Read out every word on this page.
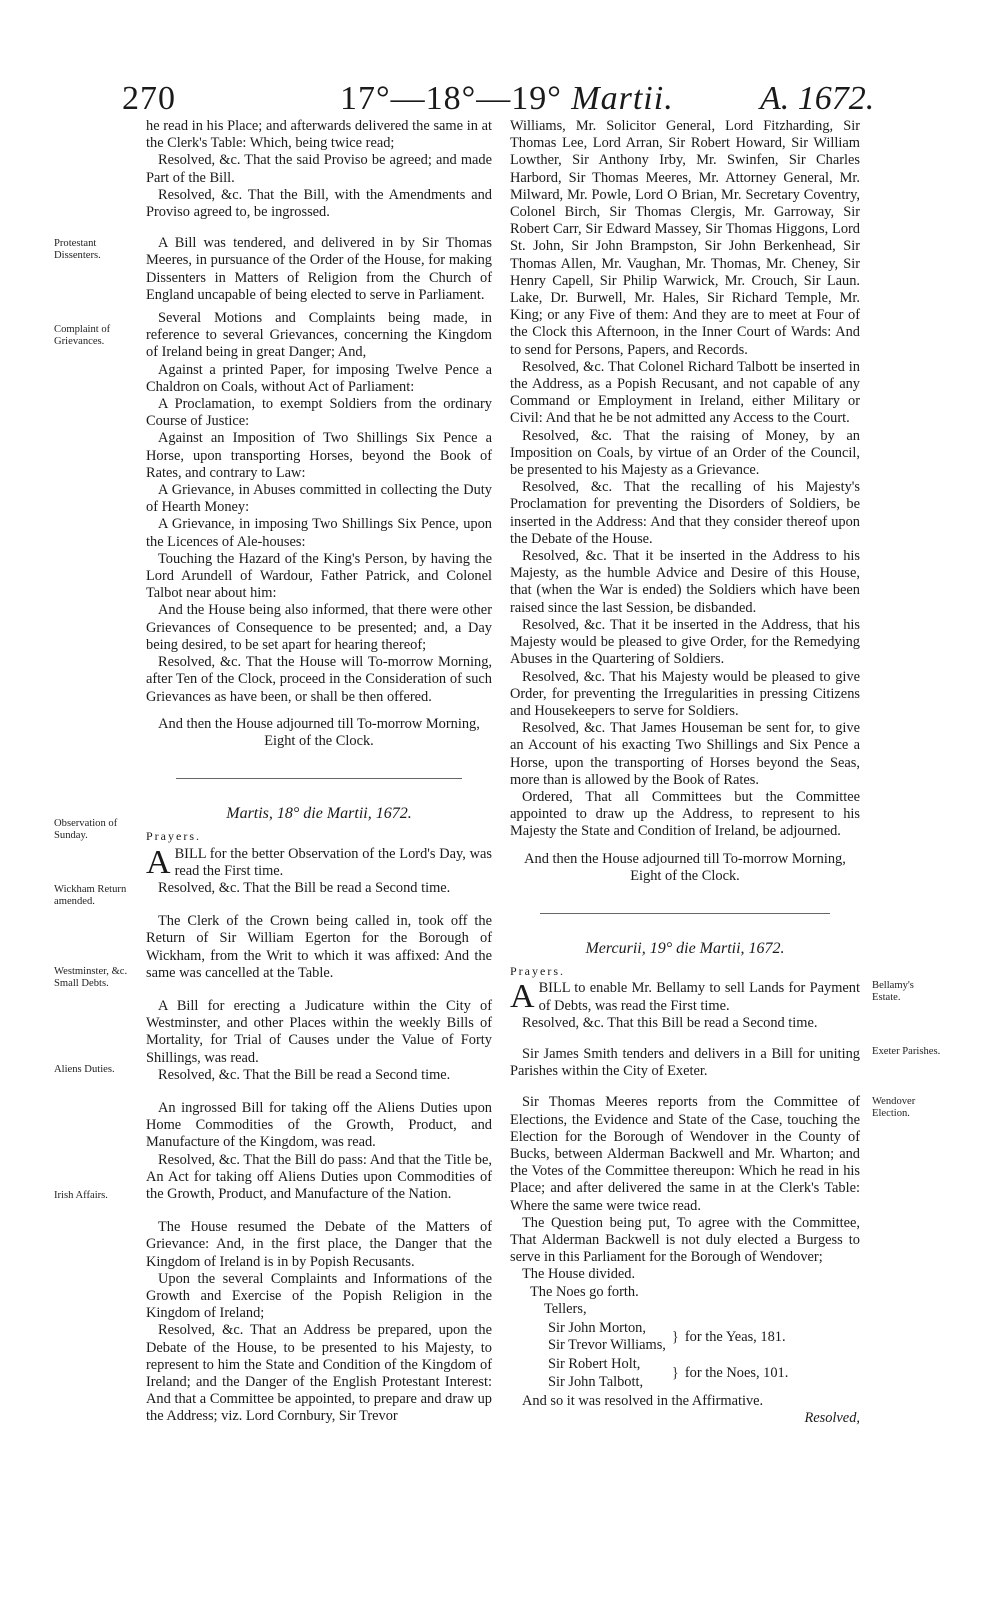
270	17°—18°—19° Martii.	A. 1672.
Protestant Dissenters.
Complaint of Grievances.
Observation of Sunday.
Wickham Return amended.
Westminster, &c. Small Debts.
Aliens Duties.
Irish Affairs.
Bellamy's Estate.
Exeter Parishes.
Wendover Election.

he read in his Place; and afterwards delivered the same in at the Clerk's Table: Which, being twice read;

Resolved, &c. That the said Proviso be agreed; and made Part of the Bill.

Resolved, &c. That the Bill, with the Amendments and Proviso agreed to, be ingrossed.

A Bill was tendered, and delivered in by Sir Thomas Meeres, in pursuance of the Order of the House, for making Dissenters in Matters of Religion from the Church of England uncapable of being elected to serve in Parliament.

Several Motions and Complaints being made, in reference to several Grievances, concerning the Kingdom of Ireland being in great Danger; And,

Against a printed Paper, for imposing Twelve Pence a Chaldron on Coals, without Act of Parliament:

A Proclamation, to exempt Soldiers from the ordinary Course of Justice:

Against an Imposition of Two Shillings Six Pence a Horse, upon transporting Horses, beyond the Book of Rates, and contrary to Law:

A Grievance, in Abuses committed in collecting the Duty of Hearth Money:

A Grievance, in imposing Two Shillings Six Pence, upon the Licences of Ale-houses:

Touching the Hazard of the King's Person, by having the Lord Arundell of Wardour, Father Patrick, and Colonel Talbot near about him:

And the House being also informed, that there were other Grievances of Consequence to be presented; and, a Day being desired, to be set apart for hearing thereof;

Resolved, &c. That the House will To-morrow Morning, after Ten of the Clock, proceed in the Consideration of such Grievances as have been, or shall be then offered.

And then the House adjourned till To-morrow Morning, Eight of the Clock.

Martis, 18° die Martii, 1672.

Prayers.

ABILL for the better Observation of the Lord's Day, was read the First time.

Resolved, &c. That the Bill be read a Second time.

The Clerk of the Crown being called in, took off the Return of Sir William Egerton for the Borough of Wickham, from the Writ to which it was affixed: And the same was cancelled at the Table.

A Bill for erecting a Judicature within the City of Westminster, and other Places within the weekly Bills of Mortality, for Trial of Causes under the Value of Forty Shillings, was read.

Resolved, &c. That the Bill be read a Second time.

An ingrossed Bill for taking off the Aliens Duties upon Home Commodities of the Growth, Product, and Manufacture of the Kingdom, was read.

Resolved, &c. That the Bill do pass: And that the Title be, An Act for taking off Aliens Duties upon Commodities of the Growth, Product, and Manufacture of the Nation.

The House resumed the Debate of the Matters of Grievance: And, in the first place, the Danger that the Kingdom of Ireland is in by Popish Recusants.

Upon the several Complaints and Informations of the Growth and Exercise of the Popish Religion in the Kingdom of Ireland;

Resolved, &c. That an Address be prepared, upon the Debate of the House, to be presented to his Majesty, to represent to him the State and Condition of the Kingdom of Ireland; and the Danger of the English Protestant Interest: And that a Committee be appointed, to prepare and draw up the Address; viz. Lord Cornbury, Sir Trevor

Williams, Mr. Solicitor General, Lord Fitzharding, Sir Thomas Lee, Lord Arran, Sir Robert Howard, Sir William Lowther, Sir Anthony Irby, Mr. Swinfen, Sir Charles Harbord, Sir Thomas Meeres, Mr. Attorney General, Mr. Milward, Mr. Powle, Lord O Brian, Mr. Secretary Coventry, Colonel Birch, Sir Thomas Clergis, Mr. Garroway, Sir Robert Carr, Sir Edward Massey, Sir Thomas Higgons, Lord St. John, Sir John Brampston, Sir John Berkenhead, Sir Thomas Allen, Mr. Vaughan, Mr. Thomas, Mr. Cheney, Sir Henry Capell, Sir Philip Warwick, Mr. Crouch, Sir Laun. Lake, Dr. Burwell, Mr. Hales, Sir Richard Temple, Mr. King; or any Five of them: And they are to meet at Four of the Clock this Afternoon, in the Inner Court of Wards: And to send for Persons, Papers, and Records.

Resolved, &c. That Colonel Richard Talbott be inserted in the Address, as a Popish Recusant, and not capable of any Command or Employment in Ireland, either Military or Civil: And that he be not admitted any Access to the Court.

Resolved, &c. That the raising of Money, by an Imposition on Coals, by virtue of an Order of the Council, be presented to his Majesty as a Grievance.

Resolved, &c. That the recalling of his Majesty's Proclamation for preventing the Disorders of Soldiers, be inserted in the Address: And that they consider thereof upon the Debate of the House.

Resolved, &c. That it be inserted in the Address to his Majesty, as the humble Advice and Desire of this House, that (when the War is ended) the Soldiers which have been raised since the last Session, be disbanded.

Resolved, &c. That it be inserted in the Address, that his Majesty would be pleased to give Order, for the Remedying Abuses in the Quartering of Soldiers.

Resolved, &c. That his Majesty would be pleased to give Order, for preventing the Irregularities in pressing Citizens and Housekeepers to serve for Soldiers.

Resolved, &c. That James Houseman be sent for, to give an Account of his exacting Two Shillings and Six Pence a Horse, upon the transporting of Horses beyond the Seas, more than is allowed by the Book of Rates.

Ordered, That all Committees but the Committee appointed to draw up the Address, to represent to his Majesty the State and Condition of Ireland, be adjourned.

And then the House adjourned till To-morrow Morning, Eight of the Clock.

Mercurii, 19° die Martii, 1672.

Prayers.

ABILL to enable Mr. Bellamy to sell Lands for Payment of Debts, was read the First time.

Resolved, &c. That this Bill be read a Second time.

Sir James Smith tenders and delivers in a Bill for uniting Parishes within the City of Exeter.

Sir Thomas Meeres reports from the Committee of Elections, the Evidence and State of the Case, touching the Election for the Borough of Wendover in the County of Bucks, between Alderman Backwell and Mr. Wharton; and the Votes of the Committee thereupon: Which he read in his Place; and after delivered the same in at the Clerk's Table: Where the same were twice read.

The Question being put, To agree with the Committee, That Alderman Backwell is not duly elected a Burgess to serve in this Parliament for the Borough of Wendover;

The House divided.

The Noes go forth.

Tellers,

Sir John Morton,
Sir Trevor Williams,	}	for the Yeas, 181.

Sir Robert Holt,
Sir John Talbott,	}	for the Noes, 101.

And so it was resolved in the Affirmative.

Resolved,
